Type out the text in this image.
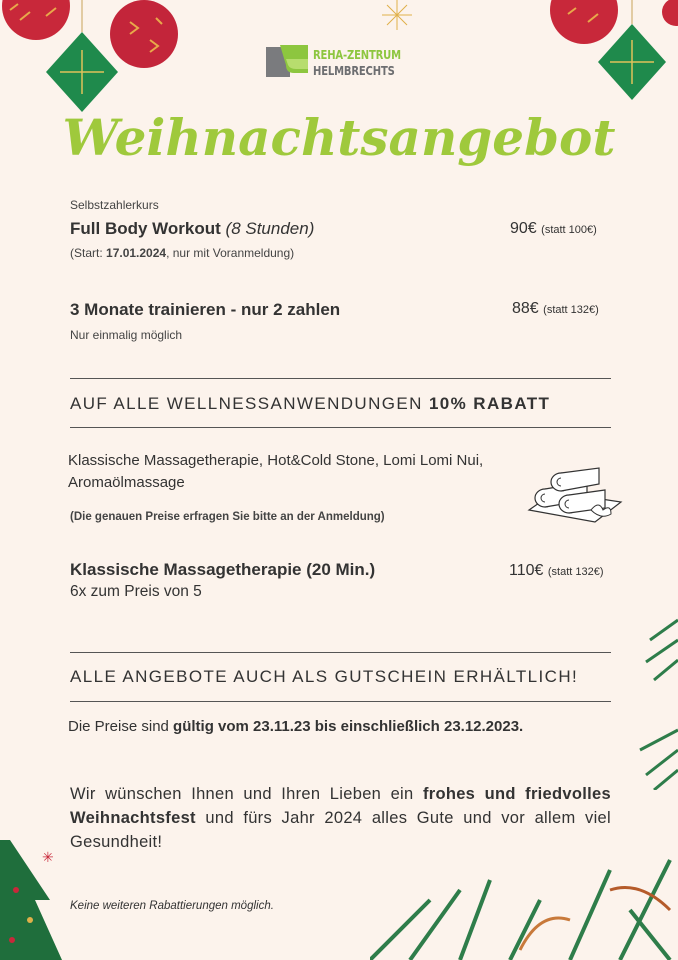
✳
REHA-ZENTRUM
HELMBRECHTS
Weihnachtsangebot
Selbstzahlerkurs
Full Body Workout (8 Stunden)
(Start: 17.01.2024, nur mit Voranmeldung)
90€ (statt 100€)
3 Monate trainieren - nur 2 zahlen
Nur einmalig möglich
88€ (statt 132€)
AUF ALLE WELLNESSANWENDUNGEN 10% RABATT
Klassische Massagetherapie, Hot&Cold Stone, Lomi Lomi Nui,
Aromaölmassage
(Die genauen Preise erfragen Sie bitte an der Anmeldung)
Klassische Massagetherapie (20 Min.)
6x zum Preis von 5
110€ (statt 132€)
ALLE ANGEBOTE AUCH ALS GUTSCHEIN ERHÄLTLICH!
Die Preise sind gültig vom 23.11.23 bis einschließlich 23.12.2023.
Wir wünschen Ihnen und Ihren Lieben ein frohes und friedvolles Weihnachtsfest und fürs Jahr 2024 alles Gute und vor allem viel Gesundheit!
Keine weiteren Rabattierungen möglich.
